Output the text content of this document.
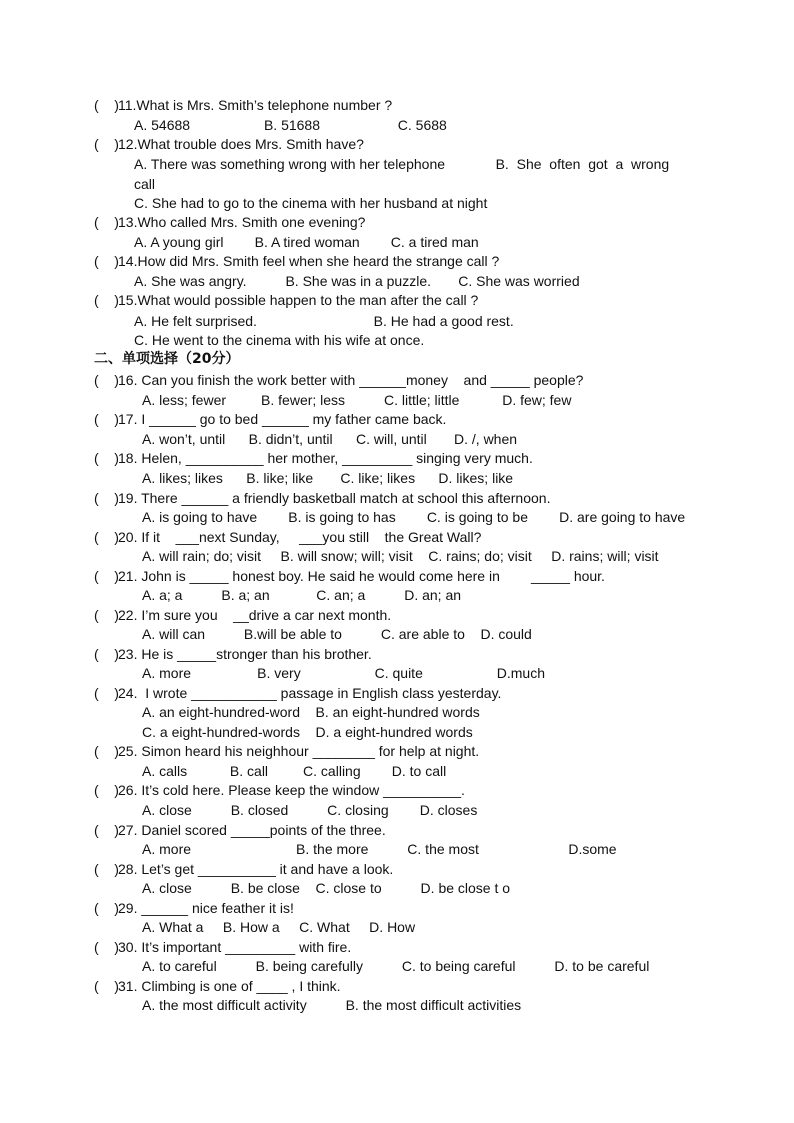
二、单项选择（20分）
(    ) 11.What is Mrs. Smith’s telephone number ?
A. 54688                   B. 51688                    C. 5688
(    ) 12.What trouble does Mrs. Smith have?
A. There was something wrong with her telephone             B.  She  often  got  a  wrong
call
C. She had to go to the cinema with her husband at night
(    ) 13.Who called Mrs. Smith one evening?
A. A young girl        B. A tired woman        C. a tired man
(    ) 14.How did Mrs. Smith feel when she heard the strange call ?
A. She was angry.          B. She was in a puzzle.       C. She was worried
(    ) 15.What would possible happen to the man after the call ?
A. He felt surprised.                              B. He had a good rest.
C. He went to the cinema with his wife at once.
(    ) 16. Can you finish the work better with ______money    and _____ people?
A. less; fewer         B. fewer; less          C. little; little           D. few; few
(    ) 17. I ______ go to bed ______ my father came back.
A. won’t, until      B. didn’t, until      C. will, until       D. /, when
(    ) 18. Helen, __________ her mother, _________ singing very much.
A. likes; likes      B. like; like       C. like; likes      D. likes; like
(    ) 19. There ______ a friendly basketball match at school this afternoon.
A. is going to have        B. is going to has        C. is going to be        D. are going to have
(    ) 20. If it    ___next Sunday,     ___you still    the Great Wall?
A. will rain; do; visit     B. will snow; will; visit    C. rains; do; visit     D. rains; will; visit
(    ) 21. John is _____ honest boy. He said he would come here in        _____ hour.
A. a; a          B. a; an            C. an; a          D. an; an
(    ) 22. I’m sure you    __drive a car next month.
A. will can          B.will be able to          C. are able to    D. could
(    ) 23. He is _____stronger than his brother.
A. more                 B. very                   C. quite                   D.much
(    ) 24.  I wrote ___________ passage in English class yesterday.
A. an eight-hundred-word    B. an eight-hundred words
C. a eight-hundred-words    D. a eight-hundred words
(    ) 25. Simon heard his neighhour ________ for help at night.
A. calls           B. call         C. calling        D. to call
(    ) 26. It’s cold here. Please keep the window __________.
A. close          B. closed          C. closing        D. closes
(    ) 27. Daniel scored _____points of the three.
A. more                           B. the more          C. the most                       D.some
(    ) 28. Let’s get __________ it and have a look.
A. close          B. be close    C. close to          D. be close t o
(    ) 29. ______ nice feather it is!
A. What a     B. How a     C. What     D. How
(    ) 30. It’s important _________ with fire.
A. to careful          B. being carefully          C. to being careful          D. to be careful
(    ) 31. Climbing is one of ____ , I think.
A. the most difficult activity          B. the most difficult activities
